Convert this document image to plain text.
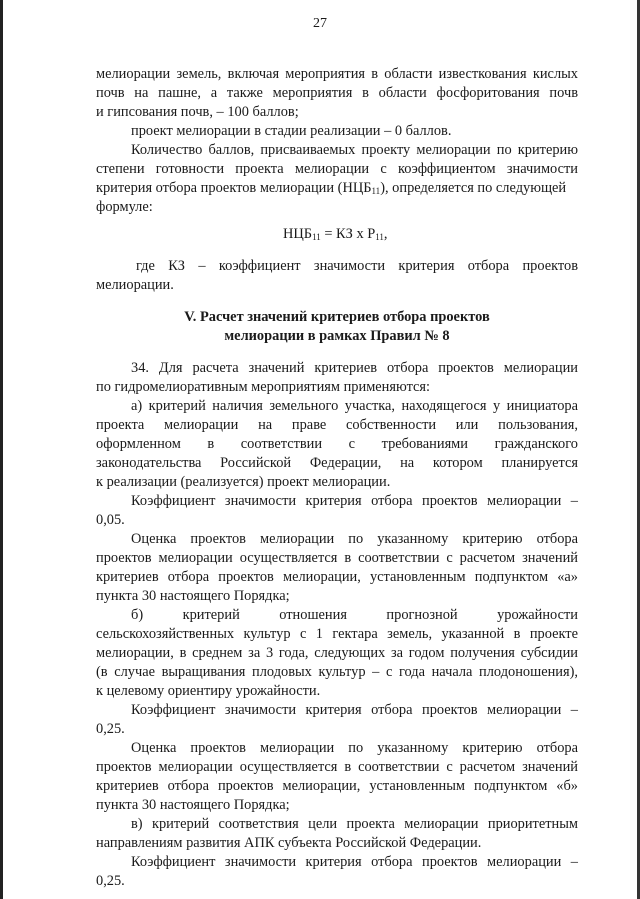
27
мелиорации земель, включая мероприятия в области известкования кислых
почв на пашне, а также мероприятия в области фосфоритования почв
и гипсования почв, – 100 баллов;
проект мелиорации в стадии реализации – 0 баллов.
Количество баллов, присваиваемых проекту мелиорации по критерию
степени готовности проекта мелиорации с коэффициентом значимости
критерия отбора проектов мелиорации $(НЦБ_{11})$, определяется по следующей
формуле:
$НЦБ_{11}$ = КЗ х $Р_{11}$,
где КЗ – коэффициент значимости критерия отбора проектов
мелиорации.
V. Расчет значений критериев отбора проектов
мелиорации в рамках Правил № 8
34. Для расчета значений критериев отбора проектов мелиорации
по гидромелиоративным мероприятиям применяются:
а) критерий наличия земельного участка, находящегося у инициатора
проекта мелиорации на праве собственности или пользования,
оформленном в соответствии с требованиями гражданского
законодательства Российской Федерации, на котором планируется
к реализации (реализуется) проект мелиорации.
Коэффициент значимости критерия отбора проектов мелиорации –
0,05.
Оценка проектов мелиорации по указанному критерию отбора
проектов мелиорации осуществляется в соответствии с расчетом значений
критериев отбора проектов мелиорации, установленным подпунктом «а»
пункта 30 настоящего Порядка;
б) критерий отношения прогнозной урожайности
сельскохозяйственных культур с 1 гектара земель, указанной в проекте
мелиорации, в среднем за 3 года, следующих за годом получения субсидии
(в случае выращивания плодовых культур – с года начала плодоношения),
к целевому ориентиру урожайности.
Коэффициент значимости критерия отбора проектов мелиорации –
0,25.
Оценка проектов мелиорации по указанному критерию отбора
проектов мелиорации осуществляется в соответствии с расчетом значений
критериев отбора проектов мелиорации, установленным подпунктом «б»
пункта 30 настоящего Порядка;
в) критерий соответствия цели проекта мелиорации приоритетным
направлениям развития АПК субъекта Российской Федерации.
Коэффициент значимости критерия отбора проектов мелиорации –
0,25.
